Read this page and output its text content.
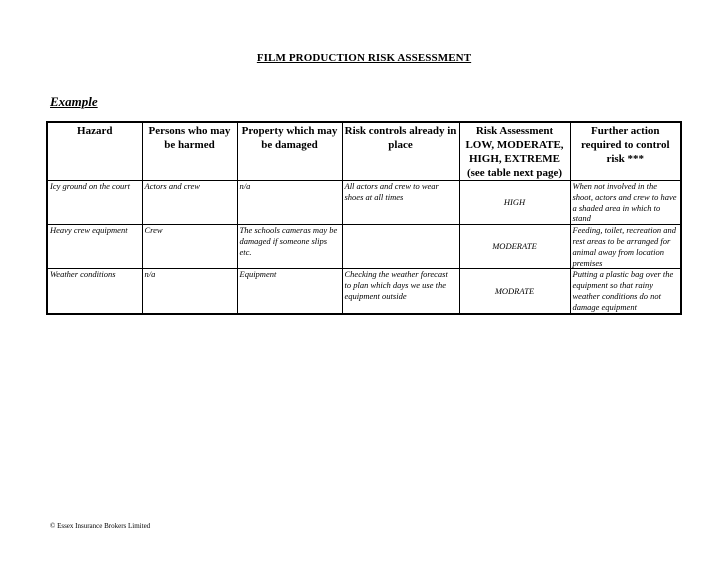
FILM PRODUCTION RISK ASSESSMENT
Example
Hazard	Persons who may be harmed	Property which may be damaged	Risk controls already in place	Risk Assessment LOW, MODERATE, HIGH, EXTREME (see table next page)	Further action required to control risk ***
Icy ground on the court	Actors and crew	n/a	All actors and crew to wear shoes at all times	HIGH	When not involved in the shoot, actors and crew to have a shaded area in which to stand
Heavy crew equipment	Crew	The schools cameras may be damaged if someone slips etc.		MODERATE	Feeding, toilet, recreation and rest areas to be arranged for animal away from location premises
Weather conditions	n/a	Equipment	Checking the weather forecast to plan which days we use the equipment outside	MODRATE	Putting a plastic bag over the equipment so that rainy weather conditions do not damage equipment
© Essex Insurance Brokers Limited
